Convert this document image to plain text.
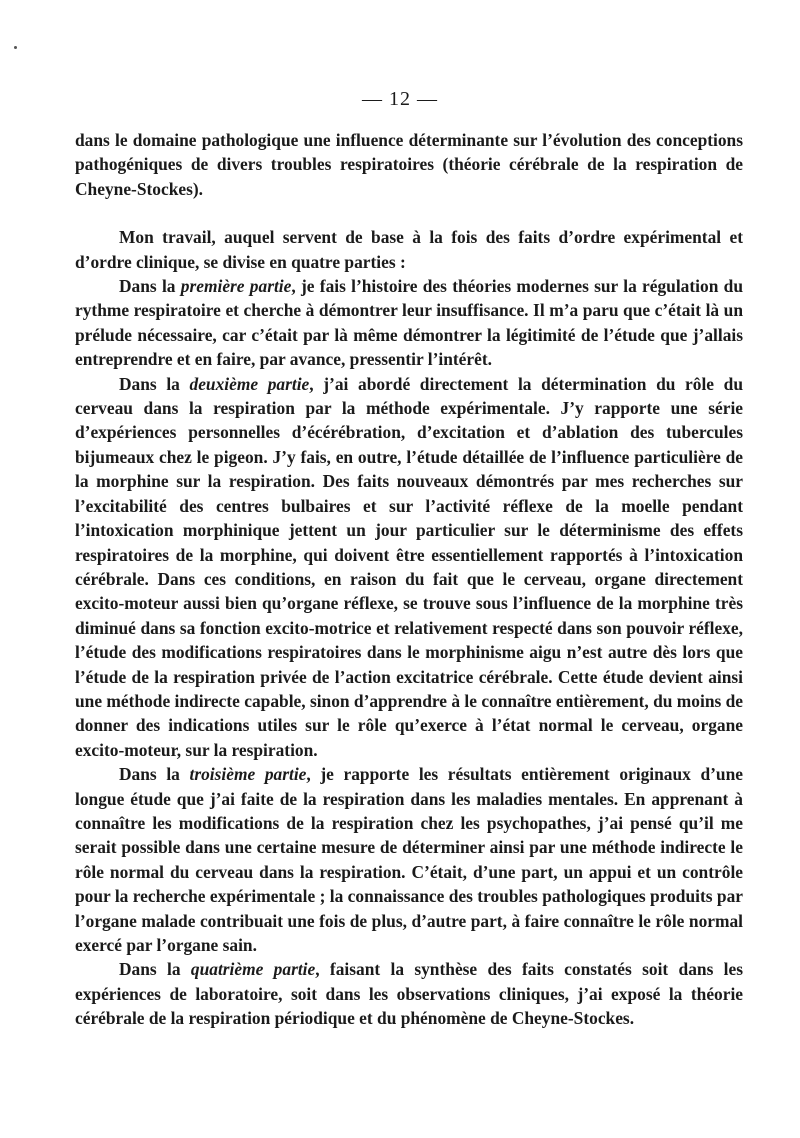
— 12 —

dans le domaine pathologique une influence déterminante sur l’évolution des conceptions pathogéniques de divers troubles respiratoires (théorie cérébrale de la respiration de Cheyne-Stockes).

Mon travail, auquel servent de base à la fois des faits d’ordre expérimental et d’ordre clinique, se divise en quatre parties :

Dans la première partie, je fais l’histoire des théories modernes sur la régulation du rythme respiratoire et cherche à démontrer leur insuffisance. Il m’a paru que c’était là un prélude nécessaire, car c’était par là même démontrer la légitimité de l’étude que j’allais entreprendre et en faire, par avance, pressentir l’intérêt.

Dans la deuxième partie, j’ai abordé directement la détermination du rôle du cerveau dans la respiration par la méthode expérimentale. J’y rapporte une série d’expériences personnelles d’écérébration, d’excitation et d’ablation des tubercules bijumeaux chez le pigeon. J’y fais, en outre, l’étude détaillée de l’influence particulière de la morphine sur la respiration. Des faits nouveaux démontrés par mes recherches sur l’excitabilité des centres bulbaires et sur l’activité réflexe de la moelle pendant l’intoxication morphinique jettent un jour particulier sur le déterminisme des effets respiratoires de la morphine, qui doivent être essentiellement rapportés à l’intoxication cérébrale. Dans ces conditions, en raison du fait que le cerveau, organe directement excito-moteur aussi bien qu’organe réflexe, se trouve sous l’influence de la morphine très diminué dans sa fonction excito-motrice et relativement respecté dans son pouvoir réflexe, l’étude des modifications respiratoires dans le morphinisme aigu n’est autre dès lors que l’étude de la respiration privée de l’action excitatrice cérébrale. Cette étude devient ainsi une méthode indirecte capable, sinon d’apprendre à le connaître entièrement, du moins de donner des indications utiles sur le rôle qu’exerce à l’état normal le cerveau, organe excito-moteur, sur la respiration.

Dans la troisième partie, je rapporte les résultats entièrement originaux d’une longue étude que j’ai faite de la respiration dans les maladies mentales. En apprenant à connaître les modifications de la respiration chez les psychopathes, j’ai pensé qu’il me serait possible dans une certaine mesure de déterminer ainsi par une méthode indirecte le rôle normal du cerveau dans la respiration. C’était, d’une part, un appui et un contrôle pour la recherche expérimentale ; la connaissance des troubles pathologiques produits par l’organe malade contribuait une fois de plus, d’autre part, à faire connaître le rôle normal exercé par l’organe sain.

Dans la quatrième partie, faisant la synthèse des faits constatés soit dans les expériences de laboratoire, soit dans les observations cliniques, j’ai exposé la théorie cérébrale de la respiration périodique et du phénomène de Cheyne-Stockes.
